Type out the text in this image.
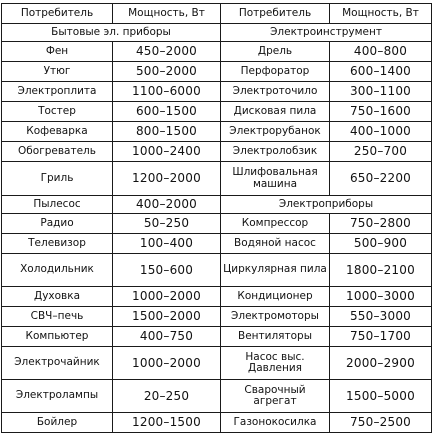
Потребитель	Мощность, Вт	Потребитель	Мощность, Вт
Бытовые эл. приборы		Электроинструмент	
Фен	450–2000	Дрель	400–800
Утюг	500–2000	Перфоратор	600–1400
Электроплита	1100–6000	Электроточило	300–1100
Тостер	600–1500	Дисковая пила	750–1600
Кофеварка	800–1500	Электрорубанок	400–1000
Обогреватель	1000–2400	Электролобзик	250–700
Гриль	1200–2000	Шлифовальная машина	650–2200
Пылесос	400–2000	Электроприборы	
Радио	50–250	Компрессор	750–2800
Телевизор	100–400	Водяной насос	500–900
Холодильник	150–600	Циркулярная пила	1800–2100
Духовка	1000–2000	Кондиционер	1000–3000
СВЧ–печь	1500–2000	Электромоторы	550–3000
Компьютер	400–750	Вентиляторы	750–1700
Электрочайник	1000–2000	Насос выс. Давления	2000–2900
Электролампы	20–250	Сварочный агрегат	1500–5000
Бойлер	1200–1500	Газонокосилка	750–2500
